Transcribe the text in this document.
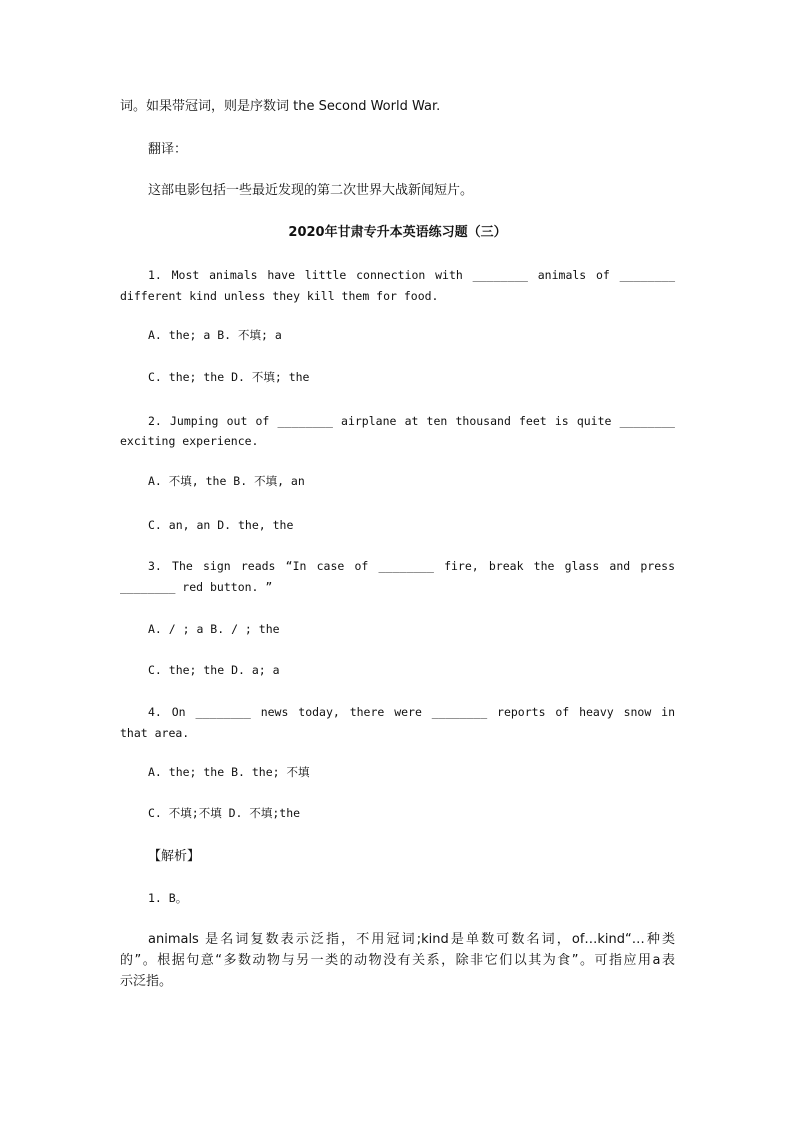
词。如果带冠词，则是序数词 the Second World War.
翻译：
这部电影包括一些最近发现的第二次世界大战新闻短片。
2020年甘肃专升本英语练习题（三）
1. Most animals have little connection with ________ animals of ________
different kind unless they kill them for food.
A. the; a B. 不填; a
C. the; the D. 不填; the
2. Jumping out of ________ airplane at ten thousand feet is quite ________
exciting experience.
A. 不填, the B. 不填, an
C. an, an D. the, the
3. The sign reads “In case of ________ fire, break the glass and press
________ red button. ”
A. / ; a B. / ; the
C. the; the D. a; a
4. On ________ news today, there were ________ reports of heavy snow in
that area.
A. the; the B. the; 不填
C. 不填;不填 D. 不填;the
【解析】
1. B。
animals 是名词复数表示泛指，不用冠词;kind是单数可数名词，of…kind“…种类
的”。根据句意“多数动物与另一类的动物没有关系，除非它们以其为食”。可指应用a表
示泛指。
